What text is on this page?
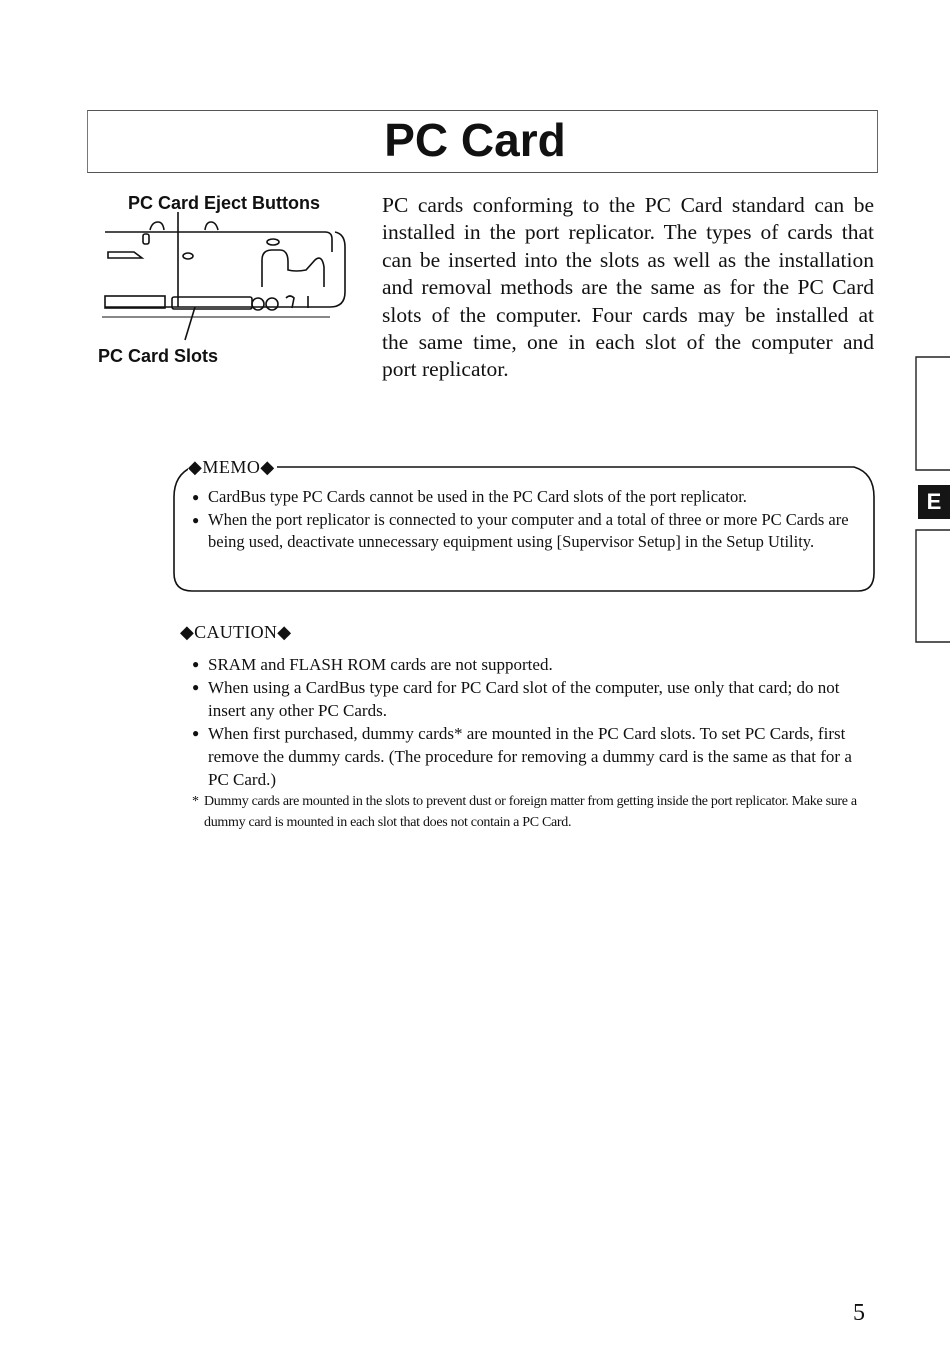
PC Card
PC Card Eject Buttons
PC Card Slots
PC cards conforming to the PC Card standard can be
installed in the port replicator. The types of cards that
can be inserted into the slots as well as the installation
and removal methods are the same as for the PC Card
slots of the computer. Four cards may be installed at
the same time, one in each slot of the computer and
port replicator.
◆MEMO◆
● CardBus type PC Cards cannot be used in the PC Card slots of the port replicator.
● When the port replicator is connected to your computer and a total of three or more PC Cards are being used, deactivate unnecessary equipment using [Supervisor Setup] in the Setup Utility.
◆CAUTION◆
● SRAM and FLASH ROM cards are not supported.
● When using a CardBus type card for PC Card slot of the computer, use only that card; do not insert any other PC Cards.
● When first purchased, dummy cards* are mounted in the PC Card slots. To set PC Cards, first remove the dummy cards. (The procedure for removing a dummy card is the same as that for a PC Card.)
* Dummy cards are mounted in the slots to prevent dust or foreign matter from getting inside the port replicator. Make sure a dummy card is mounted in each slot that does not contain a PC Card.
E
5
